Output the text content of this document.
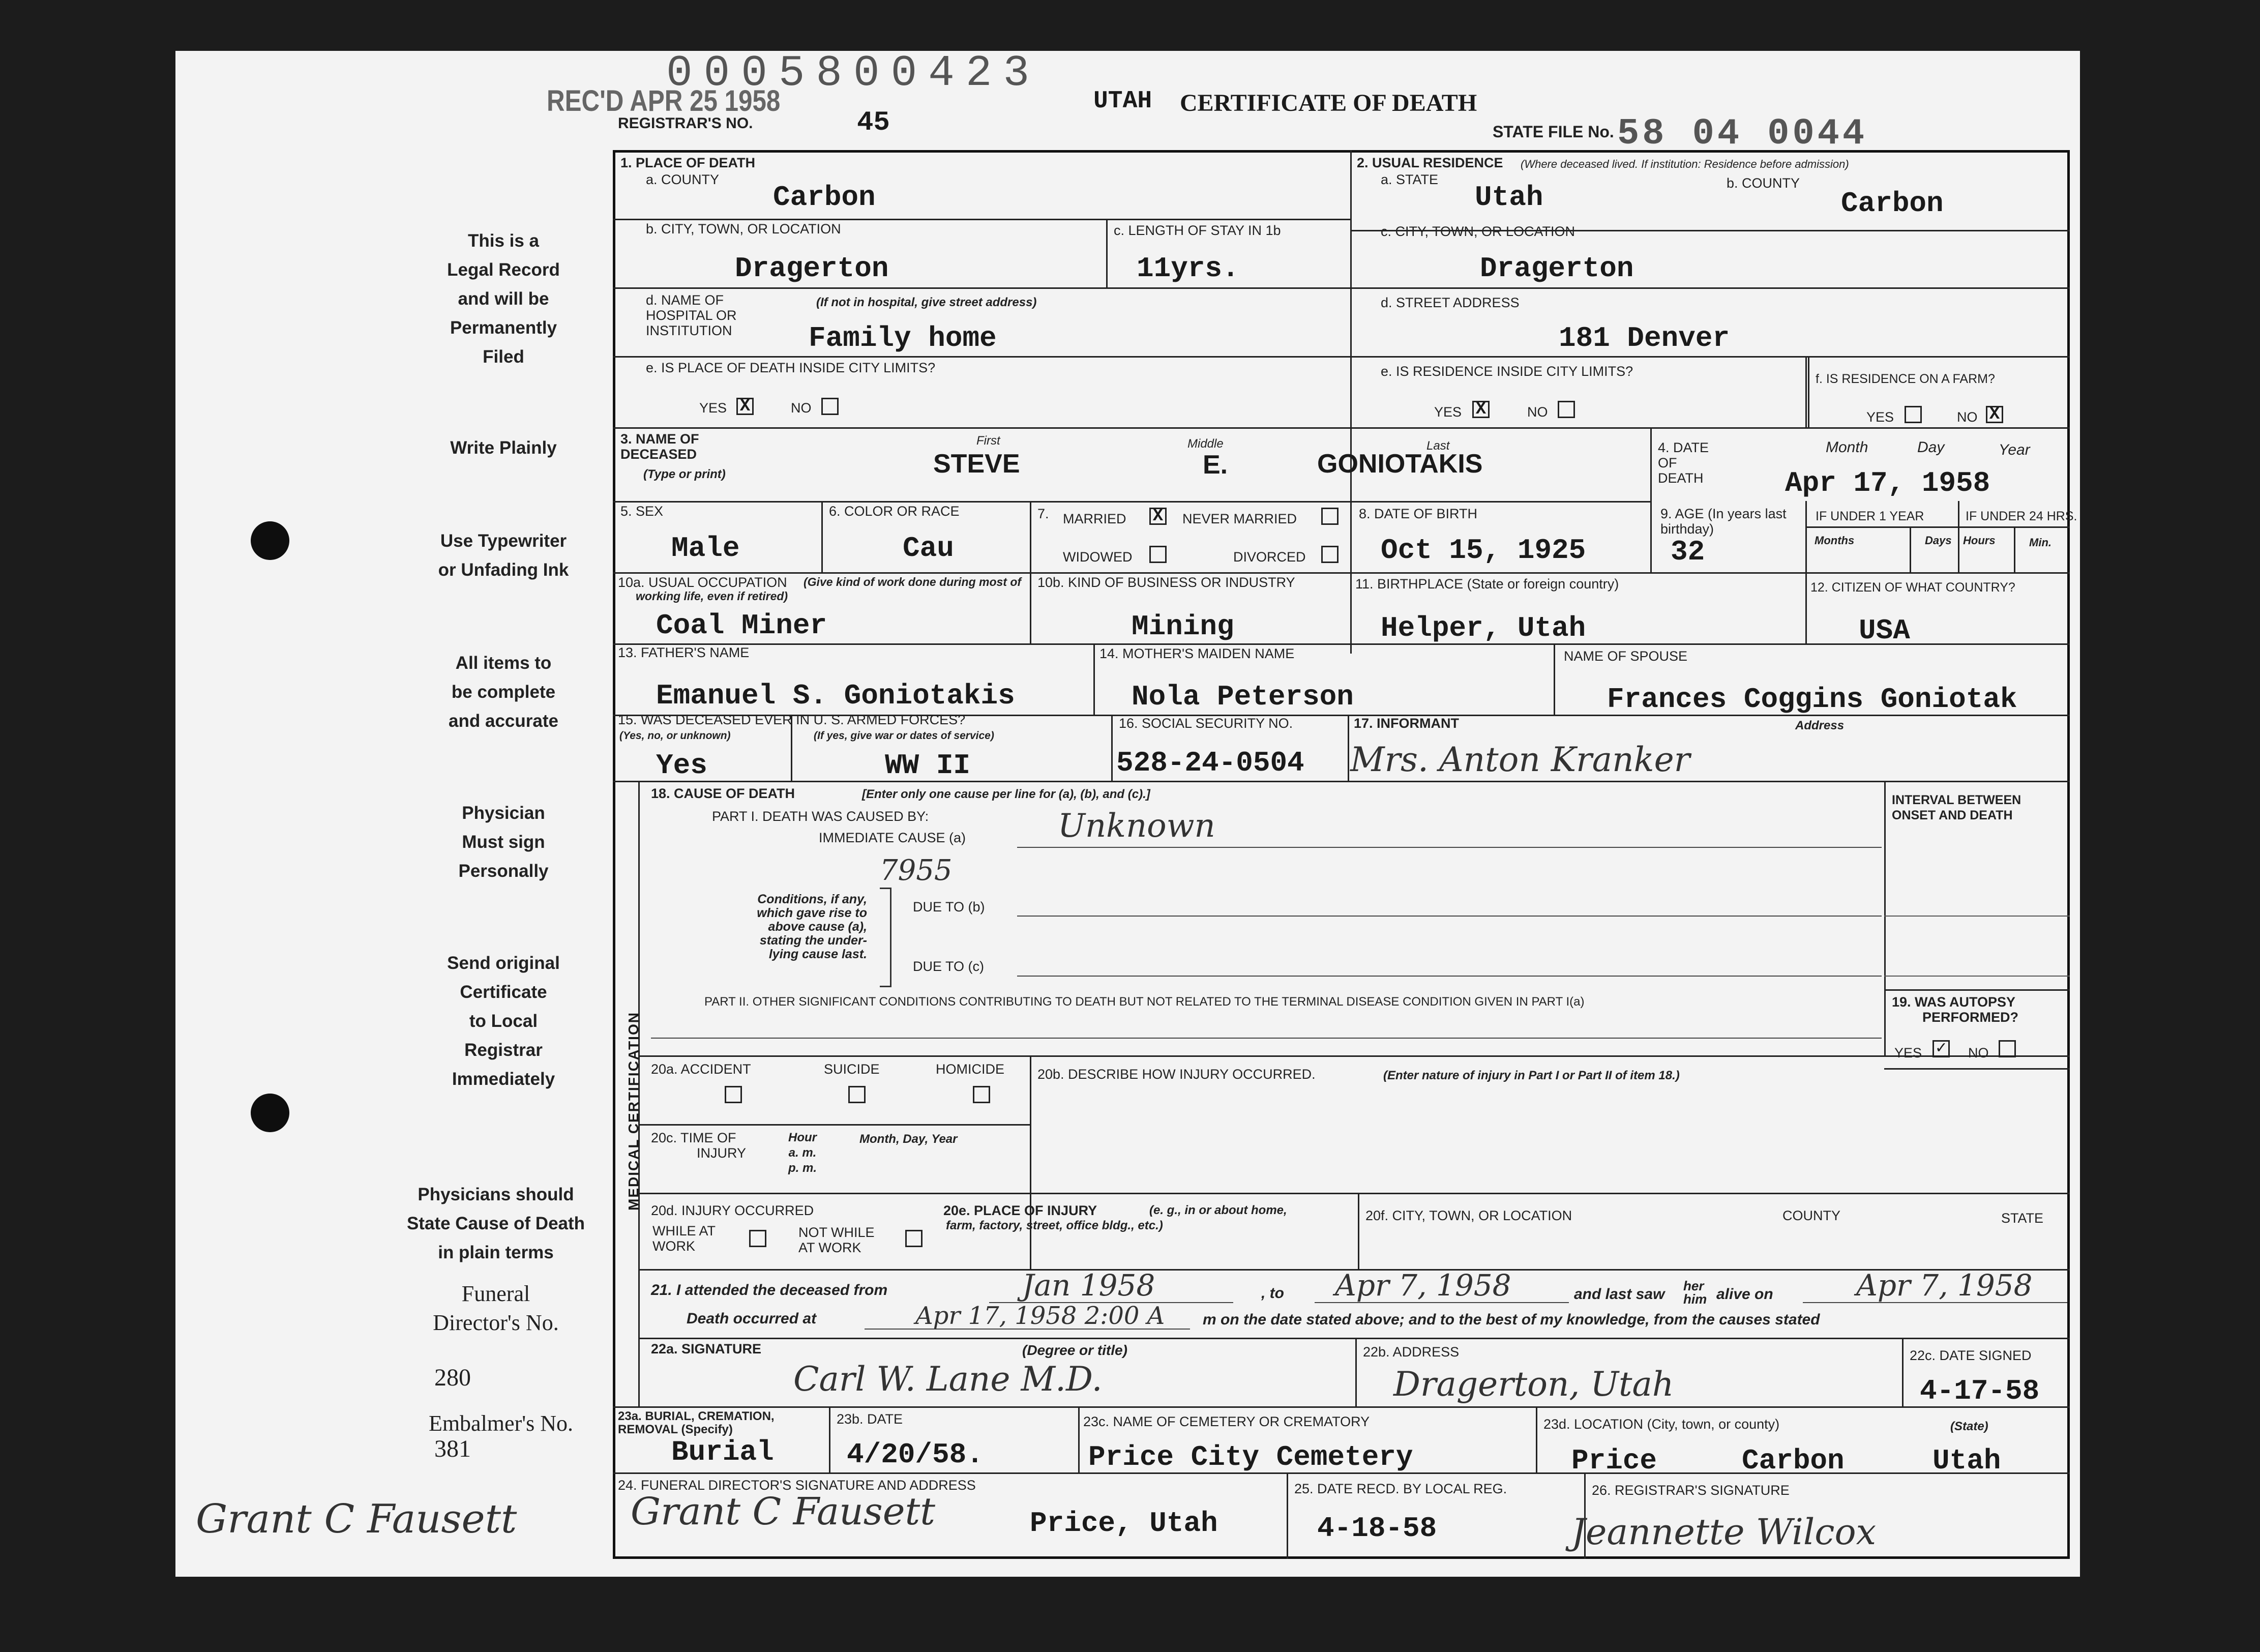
0005800423
REC'D APR 25 1958
REGISTRAR'S NO.	45
UTAH CERTIFICATE OF DEATH
STATE FILE No. 58 04 0044
This is a
Legal Record
and will be
Permanently
Filed
Write Plainly
Use Typewriter
or Unfading Ink
All items to
be complete
and accurate
Physician
Must sign
Personally
Send original
Certificate
to Local
Registrar
Immediately
Physicians should
State Cause of Death
in plain terms
Funeral
Director's No.
280
Embalmer's No.
381
Grant C Fausett
1. PLACE OF DEATH
a. COUNTY
Carbon
b. CITY, TOWN, OR LOCATION
Dragerton
c. LENGTH OF STAY IN 1b
11yrs.
d. NAME OF HOSPITAL OR INSTITUTION
(If not in hospital, give street address)
Family home
e. IS PLACE OF DEATH INSIDE CITY LIMITS?
YES X	NO
2. USUAL RESIDENCE (Where deceased lived. If institution: Residence before admission)
a. STATE
Utah	b. COUNTY
Carbon
c. CITY, TOWN, OR LOCATION
Dragerton
d. STREET ADDRESS
181 Denver
e. IS RESIDENCE INSIDE CITY LIMITS?
YES X	NO
f. IS RESIDENCE ON A FARM?
YES	NO X
3. NAME OF DECEASED
(Type or print)
First	Middle	Last
STEVE	E.	GONIOTAKIS
4. DATE OF DEATH
Month	Day	Year
Apr 17, 1958
5. SEX
Male
6. COLOR OR RACE
Cau
7. MARRIED X NEVER MARRIED
WIDOWED	DIVORCED
8. DATE OF BIRTH
Oct 15, 1925
9. AGE (In years last birthday)
32
IF UNDER 1 YEAR	IF UNDER 24 HRS.
Months	Days Hours	Min.
10a. USUAL OCCUPATION	(Give kind of work done during most of working life, even if retired)
Coal Miner
10b. KIND OF BUSINESS OR INDUSTRY
Mining
11. BIRTHPLACE (State or foreign country)
Helper, Utah
12. CITIZEN OF WHAT COUNTRY?
USA
13. FATHER'S NAME
Emanuel S. Goniotakis
14. MOTHER'S MAIDEN NAME
Nola Peterson
NAME OF SPOUSE
Frances Coggins Goniotak
15. WAS DECEASED EVER IN U. S. ARMED FORCES?
(Yes, no, or unknown)	(If yes, give war or dates of service)
Yes	WW II
16. SOCIAL SECURITY NO.
528-24-0504
17. INFORMANT	Address
Mrs. Anton Kranker
MEDICAL CERTIFICATION
18. CAUSE OF DEATH	[Enter only one cause per line for (a), (b), and (c).]
PART I. DEATH WAS CAUSED BY:
IMMEDIATE CAUSE (a)	Unknown
7955
Conditions, if any,
which gave rise to
above cause (a),
stating the under-
lying cause last.
DUE TO (b)
DUE TO (c)
INTERVAL BETWEEN
ONSET AND DEATH
PART II. OTHER SIGNIFICANT CONDITIONS CONTRIBUTING TO DEATH BUT NOT RELATED TO THE TERMINAL DISEASE CONDITION GIVEN IN PART I(a)	19. WAS AUTOPSY
PERFORMED?
YES ✓ NO
20a. ACCIDENT	SUICIDE	HOMICIDE 20b. DESCRIBE HOW INJURY OCCURRED.	(Enter nature of injury in Part I or Part II of item 18.)
20c. TIME OF
INJURY
Hour
a. m.
p. m.
Month, Day, Year
20d. INJURY OCCURRED
WHILE AT
WORK
NOT WHILE
AT WORK
20e. PLACE OF INJURY	(e. g., in or about home,
farm, factory, street, office bldg., etc.)
20f. CITY, TOWN, OR LOCATION	COUNTY	STATE
21. I attended the deceased from	Jan 1958	, to Apr 7, 1958	and last saw her
him alive on	Apr 7, 1958
Death occurred at	Apr 17, 1958 2:00 A m on the date stated above; and to the best of my knowledge, from the causes stated
22a. SIGNATURE	(Degree or title)
Carl W. Lane M.D.
22b. ADDRESS
Dragerton, Utah
22c. DATE SIGNED
4-17-58
23a. BURIAL, CREMATION,
REMOVAL (Specify)
Burial
23b. DATE
4/20/58.
23c. NAME OF CEMETERY OR CREMATORY
Price City Cemetery
23d. LOCATION (City, town, or county)	(State)
Price	Carbon	Utah
24. FUNERAL DIRECTOR'S SIGNATURE AND ADDRESS
Grant C Fausett	Price, Utah
25. DATE RECD. BY LOCAL REG.
4-18-58
26. REGISTRAR'S SIGNATURE
Jeannette Wilcox
